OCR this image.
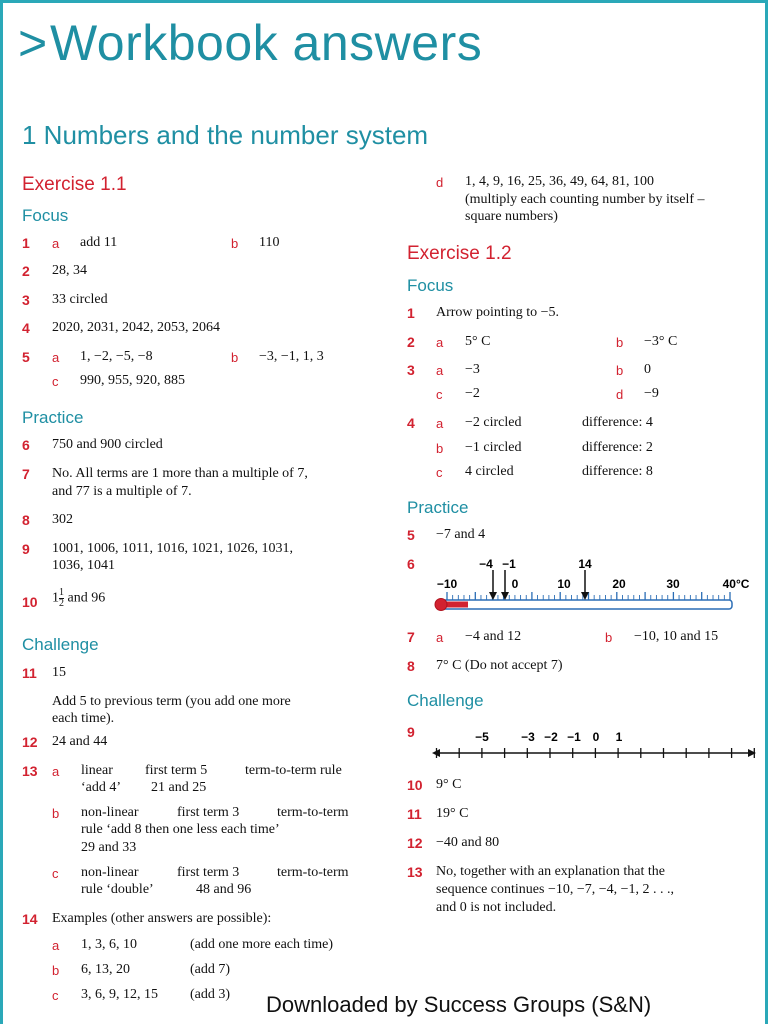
> Workbook answers
1 Numbers and the number system
Exercise 1.1
Focus
1 a add 11	b 110
2 28, 34
3 33 circled
4 2020, 2031, 2042, 2053, 2064
5 a 1, −2, −5, −8	b −3, −1, 1, 3
c 990, 955, 920, 885
Practice
6 750 and 900 circled
7 No. All terms are 1 more than a multiple of 7,
and 77 is a multiple of 7.
8 302
9 1001, 1006, 1011, 1016, 1021, 1026, 1031,
1036, 1041
10 $1 \frac{1}{2}$ and 96
Challenge
11 15
Add 5 to previous term (you add one more
each time).
12 24 and 44
13 a linear first term 5	term-to-term rule
‘add 4’ 21 and 25
b non-linear	first term 3	term-to-term
rule ‘add 8 then one less each time’
29 and 33
c non-linear	first term 3	term-to-term
rule ‘double’	48 and 96
14 Examples (other answers are possible):
a 1, 3, 6, 10	(add one more each time)
b 6, 13, 20	(add 7)
c 3, 6, 9, 12, 15 (add 3)
d 1, 4, 9, 16, 25, 36, 49, 64, 81, 100
(multiply each counting number by itself –
square numbers)
Exercise 1.2
Focus
1 Arrow pointing to −5.
2 a 5° C	b −3° C
3 a −3	b 0
c −2	d −9
4 a −2 circled	difference: 4
b −1 circled	difference: 2
c 4 circled	difference: 8
Practice
5 −7 and 4
6	−4 −1	14
−10	0	10	20	30	40°C
7 a −4 and 12	b −10, 10 and 15
8 7° C (Do not accept 7)
Challenge
9	−5	−3 −2 −1 0 1
10 9° C
11 19° C
12 −40 and 80
13 No, together with an explanation that the
sequence continues −10, −7, −4, −1, 2 . . .,
and 0 is not included.
Downloaded by Success Groups (S&N)
